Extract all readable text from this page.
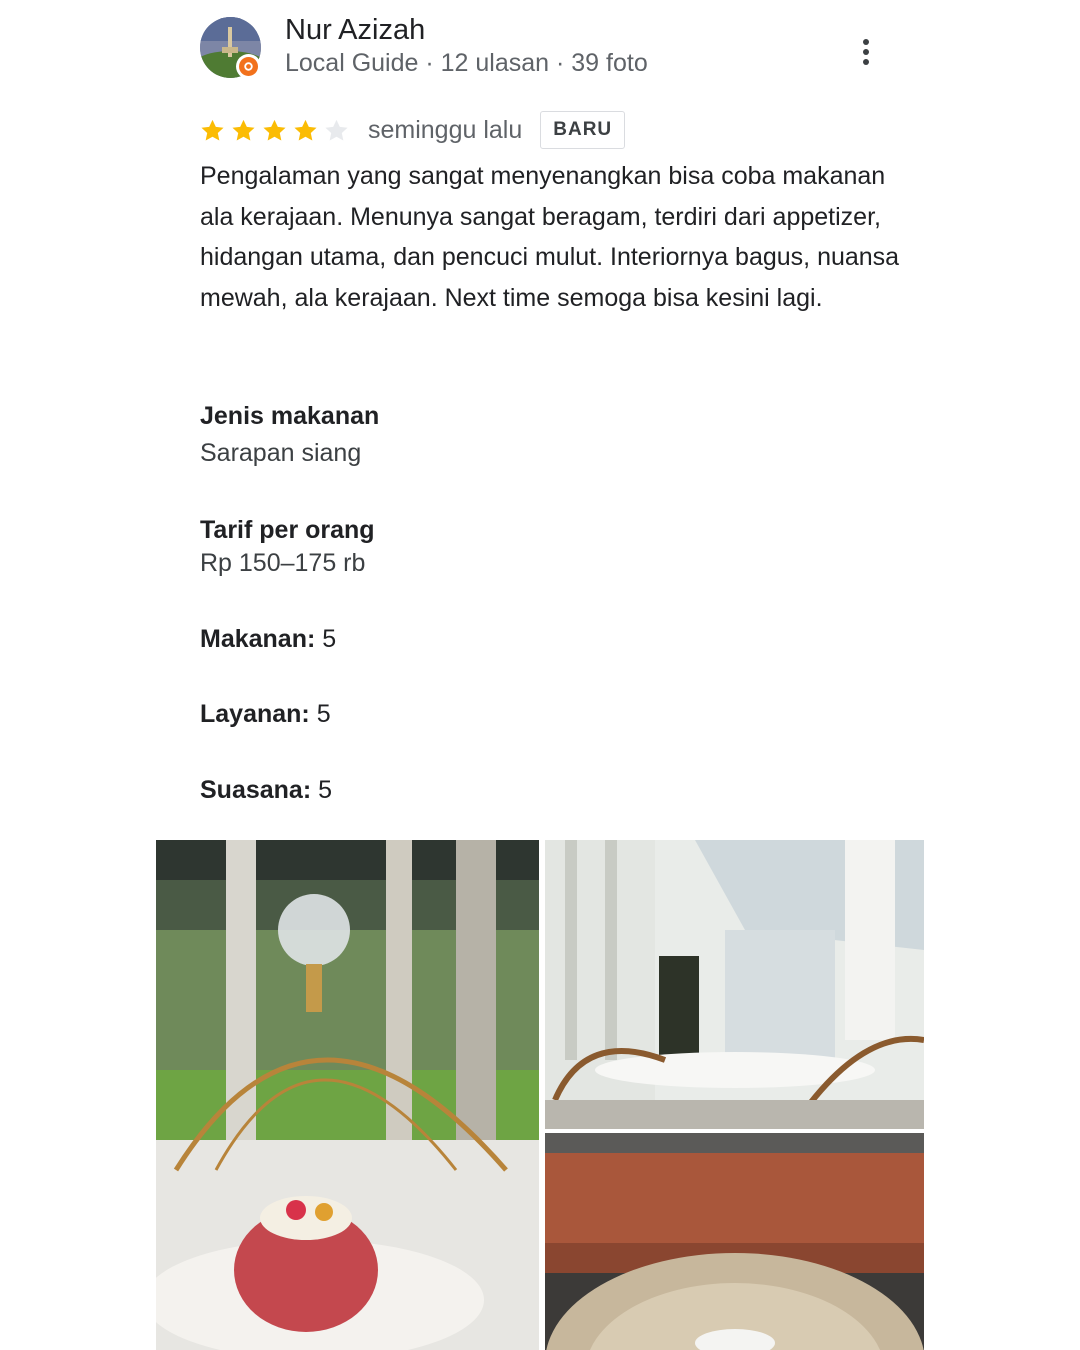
Nur Azizah
Local Guide · 12 ulasan · 39 foto
seminggu lalu	BARU

Pengalaman yang sangat menyenangkan bisa coba makanan ala kerajaan. Menunya sangat beragam, terdiri dari appetizer, hidangan utama, dan pencuci mulut. Interiornya bagus, nuansa mewah, ala kerajaan. Next time semoga bisa kesini lagi.

Jenis makanan
Sarapan siang
Tarif per orang
Rp 150–175 rb
Makanan: 5
Layanan: 5
Suasana: 5
